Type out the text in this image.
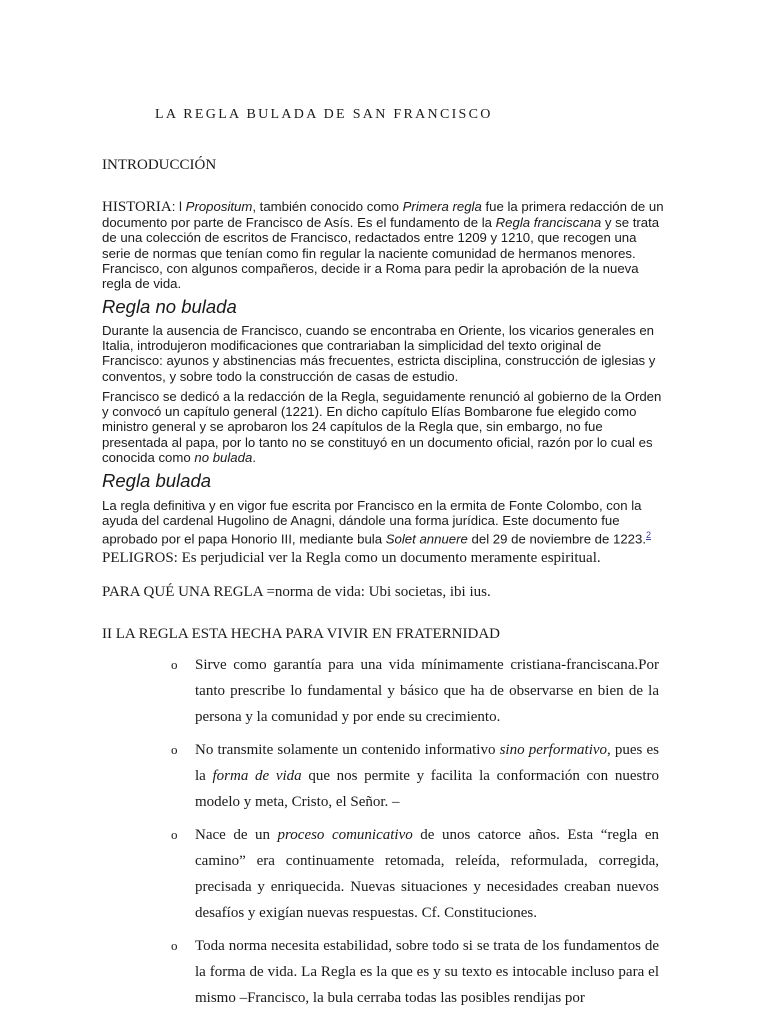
LA REGLA BULADA DE SAN FRANCISCO
INTRODUCCIÓN

HISTORIA: l Propositum, también conocido como Primera regla fue la primera redacción de un documento por parte de Francisco de Asís. Es el fundamento de la Regla franciscana y se trata de una colección de escritos de Francisco, redactados entre 1209 y 1210, que recogen una serie de normas que tenían como fin regular la naciente comunidad de hermanos menores. Francisco, con algunos compañeros, decide ir a Roma para pedir la aprobación de la nueva regla de vida.

Regla no bulada

Durante la ausencia de Francisco, cuando se encontraba en Oriente, los vicarios generales en Italia, introdujeron modificaciones que contrariaban la simplicidad del texto original de Francisco: ayunos y abstinencias más frecuentes, estricta disciplina, construcción de iglesias y conventos, y sobre todo la construcción de casas de estudio.

Francisco se dedicó a la redacción de la Regla, seguidamente renunció al gobierno de la Orden y convocó un capítulo general (1221). En dicho capítulo Elías Bombarone fue elegido como ministro general y se aprobaron los 24 capítulos de la Regla que, sin embargo, no fue presentada al papa, por lo tanto no se constituyó en un documento oficial, razón por lo cual es conocida como no bulada.

Regla bulada

La regla definitiva y en vigor fue escrita por Francisco en la ermita de Fonte Colombo, con la ayuda del cardenal Hugolino de Anagni, dándole una forma jurídica. Este documento fue aprobado por el papa Honorio III, mediante bula Solet annuere del 29 de noviembre de 1223.$^2$

PELIGROS: Es perjudicial ver la Regla como un documento meramente espiritual.

PARA QUÉ UNA REGLA =norma de vida: Ubi societas, ibi ius.

II LA REGLA ESTA HECHA PARA VIVIR EN FRATERNIDAD

o Sirve como garantía para una vida mínimamente cristiana-franciscana.Por tanto prescribe lo fundamental y básico que ha de observarse en bien de la persona y la comunidad y por ende su crecimiento.
o No transmite solamente un contenido informativo sino performativo, pues es la forma de vida que nos permite y facilita la conformación con nuestro modelo y meta, Cristo, el Señor. –
o Nace de un proceso comunicativo de unos catorce años. Esta “regla en camino” era continuamente retomada, releída, reformulada, corregida, precisada y enriquecida. Nuevas situaciones y necesidades creaban nuevos desafíos y exigían nuevas respuestas. Cf. Constituciones.
o Toda norma necesita estabilidad, sobre todo si se trata de los fundamentos de la forma de vida. La Regla es la que es y su texto es intocable incluso para el mismo –Francisco, la bula cerraba todas las posibles rendijas por
